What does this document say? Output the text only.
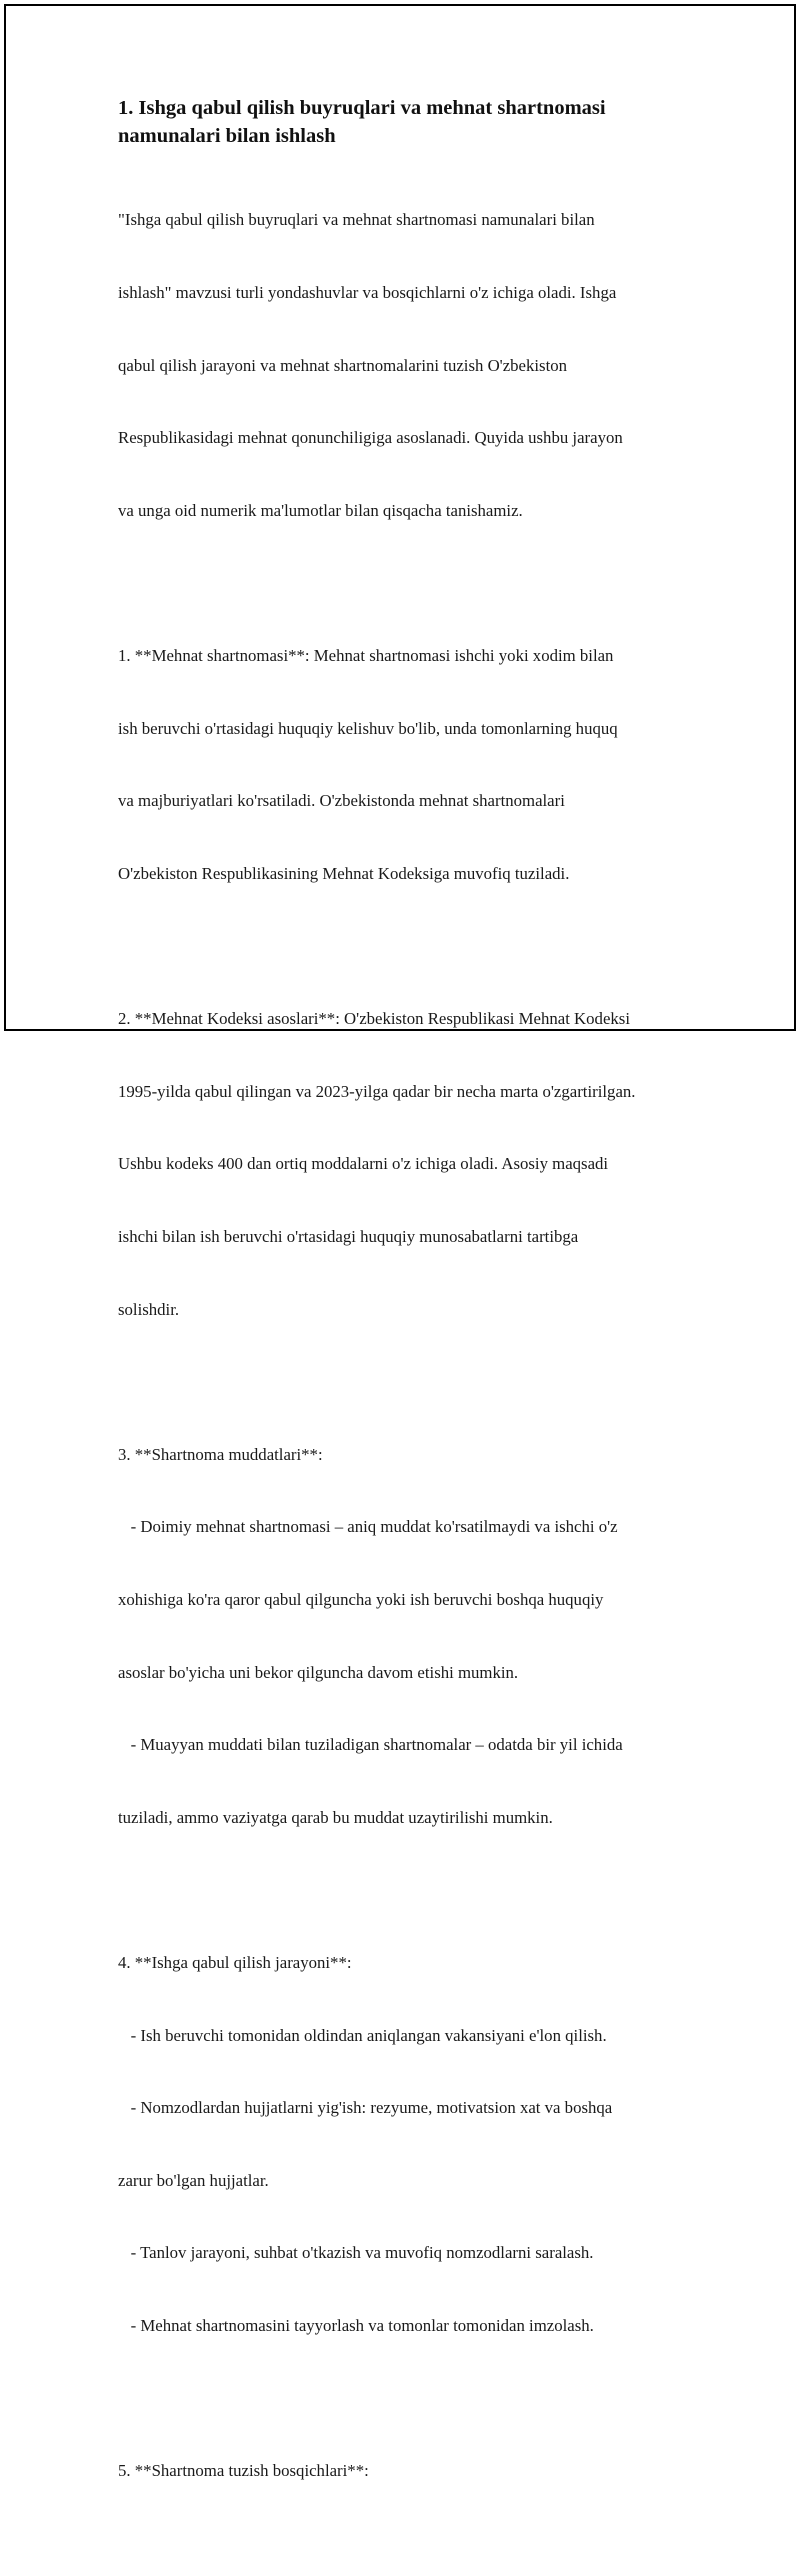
1. Ishga qabul qilish buyruqlari va mehnat shartnomasi
namunalari bilan ishlash

"Ishga qabul qilish buyruqlari va mehnat shartnomasi namunalari bilan

ishlash" mavzusi turli yondashuvlar va bosqichlarni o'z ichiga oladi. Ishga

qabul qilish jarayoni va mehnat shartnomalarini tuzish O'zbekiston

Respublikasidagi mehnat qonunchiligiga asoslanadi. Quyida ushbu jarayon

va unga oid numerik ma'lumotlar bilan qisqacha tanishamiz.

1. **Mehnat shartnomasi**: Mehnat shartnomasi ishchi yoki xodim bilan

ish beruvchi o'rtasidagi huquqiy kelishuv bo'lib, unda tomonlarning huquq

va majburiyatlari ko'rsatiladi. O'zbekistonda mehnat shartnomalari

O'zbekiston Respublikasining Mehnat Kodeksiga muvofiq tuziladi.

2. **Mehnat Kodeksi asoslari**: O'zbekiston Respublikasi Mehnat Kodeksi

1995-yilda qabul qilingan va 2023-yilga qadar bir necha marta o'zgartirilgan.

Ushbu kodeks 400 dan ortiq moddalarni o'z ichiga oladi. Asosiy maqsadi

ishchi bilan ish beruvchi o'rtasidagi huquqiy munosabatlarni tartibga

solishdir.

3. **Shartnoma muddatlari**:

- Doimiy mehnat shartnomasi – aniq muddat ko'rsatilmaydi va ishchi o'z

xohishiga ko'ra qaror qabul qilguncha yoki ish beruvchi boshqa huquqiy

asoslar bo'yicha uni bekor qilguncha davom etishi mumkin.

- Muayyan muddati bilan tuziladigan shartnomalar – odatda bir yil ichida

tuziladi, ammo vaziyatga qarab bu muddat uzaytirilishi mumkin.

4. **Ishga qabul qilish jarayoni**:

- Ish beruvchi tomonidan oldindan aniqlangan vakansiyani e'lon qilish.

- Nomzodlardan hujjatlarni yig'ish: rezyume, motivatsion xat va boshqa

zarur bo'lgan hujjatlar.

- Tanlov jarayoni, suhbat o'tkazish va muvofiq nomzodlarni saralash.

- Mehnat shartnomasini tayyorlash va tomonlar tomonidan imzolash.

5. **Shartnoma tuzish bosqichlari**:
